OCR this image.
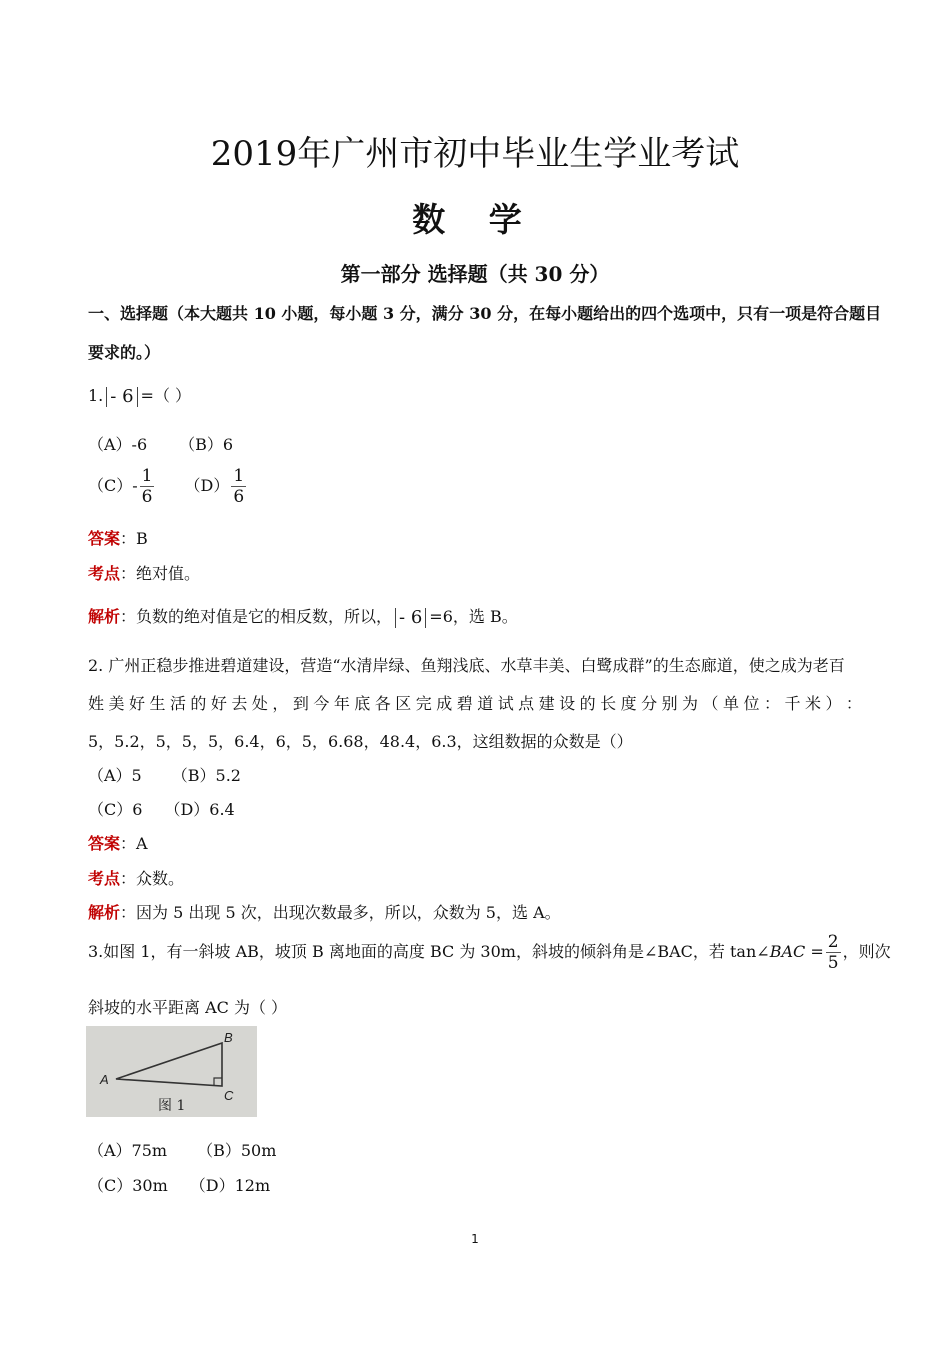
2019年广州市初中毕业生学业考试
数 学
第一部分 选择题（共 30 分）
一、选择题（本大题共 10 小题，每小题 3 分，满分 30 分，在每小题给出的四个选项中，只有一项是符合题目
要求的。）
1. - 6 =（ ）
（A）-6 （B）6
$(C)- \frac{1}{6} (D) \frac{1}{6}$
答案：B
考点：绝对值。
解析：负数的绝对值是它的相反数，所以， - 6 =6，选 B。
2. 广州正稳步推进碧道建设，营造“水清岸绿、鱼翔浅底、水草丰美、白鹭成群”的生态廊道，使之成为老百
姓 美 好 生 活 的 好 去 处 ， 到 今 年 底 各 区 完 成 碧 道 试 点 建 设 的 长 度 分 别 为 （ 单 位 ： 千 米 ） ：
5，5.2，5，5，5，6.4，6，5，6.68，48.4，6.3，这组数据的众数是（）
（A）5 （B）5.2
（C）6 （D）6.4
答案：A
考点：众数。
解析：因为 5 出现 5 次，出现次数最多，所以，众数为 5，选 A。
3.如图 1，有一斜坡 AB，坡顶 B 离地面的高度 BC 为 30m，斜坡的倾斜角是∠BAC，若 tan∠BAC = $\frac{2}{5}$ ，则次
斜坡的水平距离 AC 为（ ）
A
B
C
图 1
（A）75m （B）50m
（C）30m （D）12m
1
